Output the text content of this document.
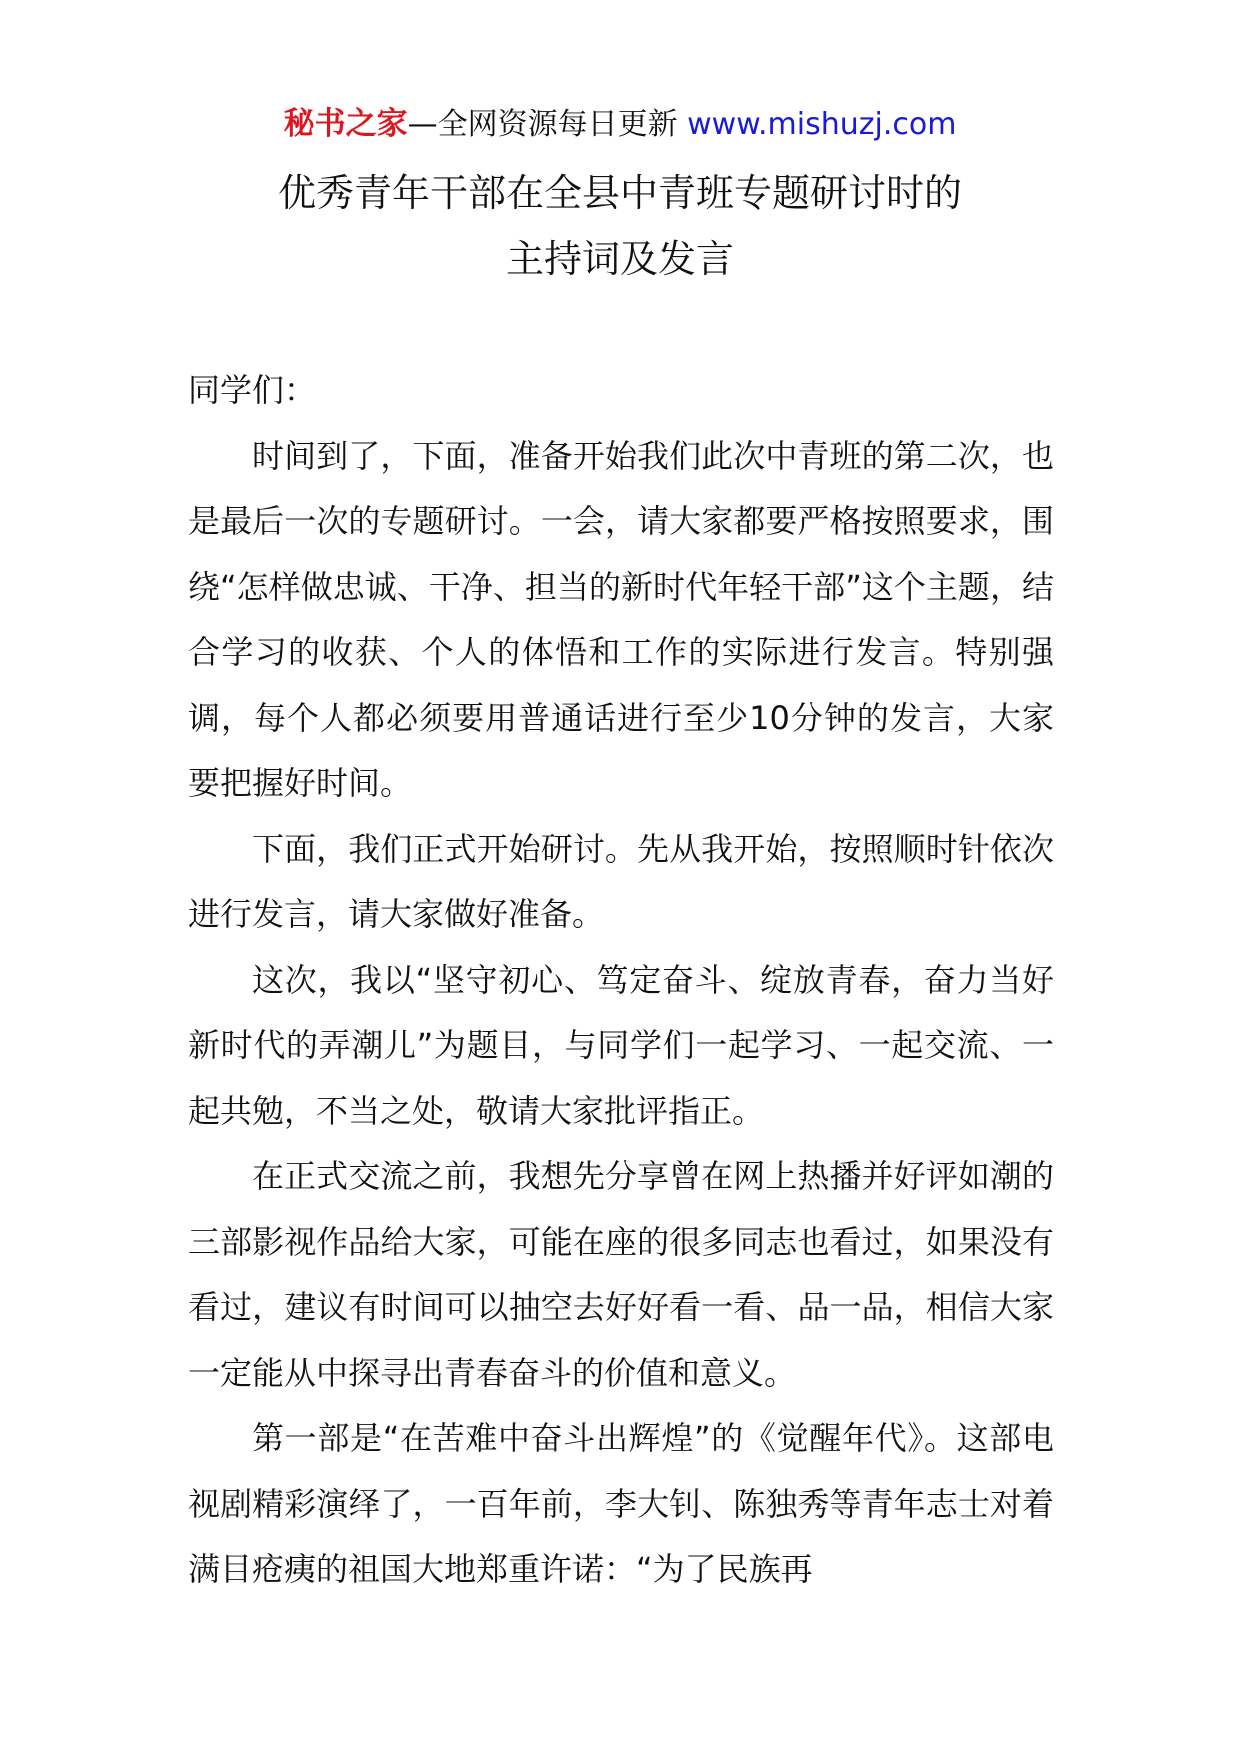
秘书之家—全网资源每日更新 www.mishuzj.com
优秀青年干部在全县中青班专题研讨时的
主持词及发言

同学们：

时间到了，下面，准备开始我们此次中青班的第二次，也是最后一次的专题研讨。一会，请大家都要严格按照要求，围绕“怎样做忠诚、干净、担当的新时代年轻干部”这个主题，结合学习的收获、个人的体悟和工作的实际进行发言。特别强调，每个人都必须要用普通话进行至少10分钟的发言，大家要把握好时间。

下面，我们正式开始研讨。先从我开始，按照顺时针依次进行发言，请大家做好准备。

这次，我以“坚守初心、笃定奋斗、绽放青春，奋力当好新时代的弄潮儿”为题目，与同学们一起学习、一起交流、一起共勉，不当之处，敬请大家批评指正。

在正式交流之前，我想先分享曾在网上热播并好评如潮的三部影视作品给大家，可能在座的很多同志也看过，如果没有看过，建议有时间可以抽空去好好看一看、品一品，相信大家一定能从中探寻出青春奋斗的价值和意义。

第一部是“在苦难中奋斗出辉煌”的《觉醒年代》。这部电视剧精彩演绎了，一百年前，李大钊、陈独秀等青年志士对着满目疮痍的祖国大地郑重许诺：“为了民族再
